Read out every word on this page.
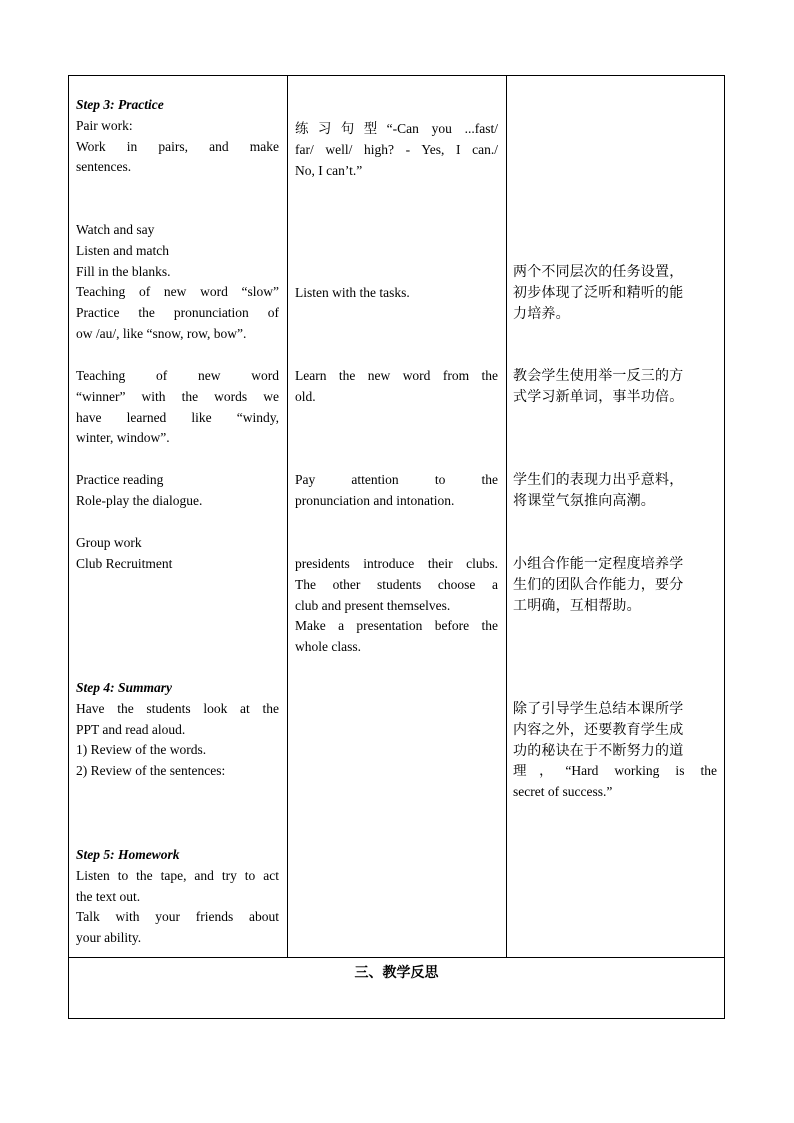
Step 3: Practice
Pair work:
Work in pairs, and make
sentences.
Watch and say
Listen and match
Fill in the blanks.
Teaching of new word “slow”
Practice the pronunciation of
ow /au/, like “snow, row, bow”.
Teaching of new word
“winner” with the words we
have learned like “windy,
winter, window”.
Practice reading
Role-play the dialogue.
Group work
Club Recruitment
Step 4: Summary
Have the students look at the
PPT and read aloud.
1) Review of the words.
2) Review of the sentences:
Step 5: Homework
Listen to the tape, and try to act
the text out.
Talk with your friends about
your ability.
练习句型“-Can you ...fast/
far/ well/ high? - Yes, I can./
No, I can’t.”
Listen with the tasks.
Learn the new word from the
old.
Pay attention to the
pronunciation and intonation.
presidents introduce their clubs.
The other students choose a
club and present themselves.
Make a presentation before the
whole class.
两个不同层次的任务设置，
初步体现了泛听和精听的能
力培养。
教会学生使用举一反三的方
式学习新单词，事半功倍。
学生们的表现力出乎意料，
将课堂气氛推向高潮。
小组合作能一定程度培养学
生们的团队合作能力，要分
工明确，互相帮助。
除了引导学生总结本课所学
内容之外，还要教育学生成
功的秘诀在于不断努力的道
理，“Hard working is the
secret of success.”
三、教学反思
